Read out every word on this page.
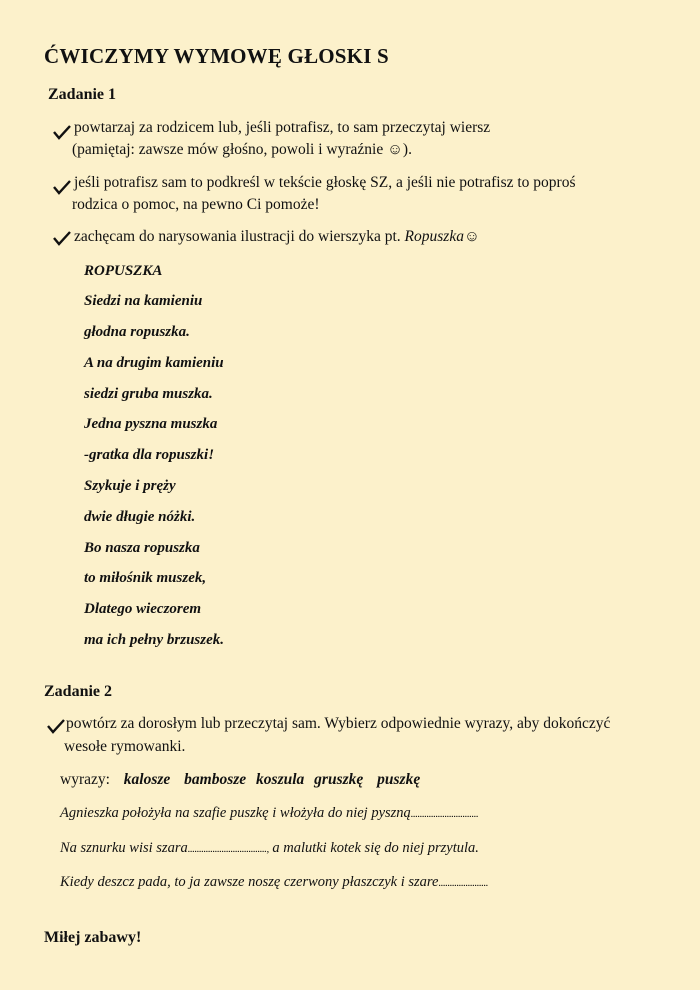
ĆWICZYMY WYMOWĘ GŁOSKI S
Zadanie 1
powtarzaj za rodzicem lub, jeśli potrafisz, to sam przeczytaj wiersz
(pamiętaj: zawsze mów głośno, powoli i wyraźnie ☺).
jeśli potrafisz sam to podkreśl w tekście głoskę SZ, a jeśli nie potrafisz to poproś
rodzica o pomoc, na pewno Ci pomoże!
zachęcam do narysowania ilustracji do wierszyka pt. Ropuszka☺
ROPUSZKA
Siedzi na kamieniu
głodna ropuszka.
A na drugim kamieniu
siedzi gruba muszka.
Jedna pyszna muszka
-gratka dla ropuszki!
Szykuje i pręży
dwie długie nóżki.
Bo nasza ropuszka
to miłośnik muszek,
Dlatego wieczorem
ma ich pełny brzuszek.
Zadanie 2
powtórz za dorosłym lub przeczytaj sam. Wybierz odpowiednie wyrazy, aby dokończyć
wesołe rymowanki.
wyrazy: kalosze bambosze koszula gruszkę puszkę
Agnieszka położyła na szafie puszkę i włożyła do niej pyszną..............................
Na sznurku wisi szara..................................., a malutki kotek się do niej przytula.
Kiedy deszcz pada, to ja zawsze noszę czerwony płaszczyk i szare......................
Miłej zabawy!
